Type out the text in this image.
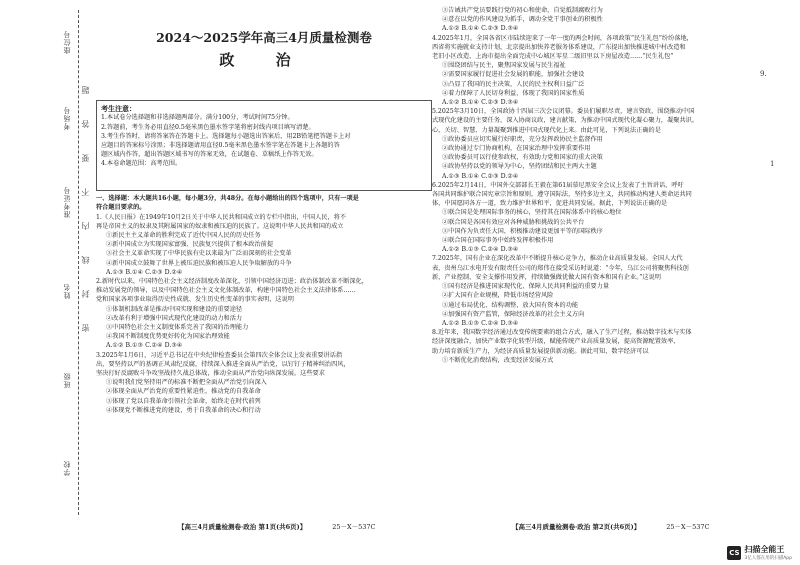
学校
班级
姓名
准考证号
考场号
座位号
密封线内不要答题
2024～2025学年高三4月质量检测卷
政 治

考生注意：

1.本试卷分选择题和非选择题两部分。满分100分，考试时间75分钟。

2.答题前，考生务必用直径0.5毫米黑色墨水签字笔将密封线内项目填写清楚。

3.考生作答时，请将答案答在答题卡上。选择题每小题选出答案后，用2B铅笔把答题卡上对

应题目的答案标号涂黑；非选择题请用直径0.5毫米黑色墨水签字笔在答题卡上各题的答

题区域内作答，超出答题区域书写的答案无效，在试题卷、草稿纸上作答无效。

4.本卷命题范围：高考范围。

一、选择题：本大题共16小题，每小题3分，共48分。在每小题给出的四个选项中，只有一项是

符合题目要求的。

1.《人民日报》在1949年10月2日关于中华人民共和国成立的专栏中指出，中国人民，将不

再是帝国主义的奴隶及其附属国家的奴隶和被压迫的民族了。这说明中华人民共和国的成立

①新民主主义革命的胜利完成了近代中国人民的历史任务

②新中国成立为实现国家富强、民族复兴提供了根本政治前提

③社会主义革命实现了中华民族有史以来最为广泛而深刻的社会变革

④新中国成立鼓舞了世界上被压迫民族和被压迫人民争取解放的斗争

A.①③ B.①④ C.②③ D.②④

2.新时代以来，中国特色社会主义经济制度改革深化，引领中国经济迈进；政治体制改革不断深化，

推动发展党的领导，以及中国特色社会主义文化体制改革，构建中国特色社会主义法律体系……

党和国家各项事业取得历史性成就、发生历史性变革的事实表明，这说明

①体制机制改革是推动中国实现和建设的重要途径

②改革有利于增强中国式现代化建设的动力和活力

③中国特色社会主义制度体系完善了我国的治理能力

④我国不断制度优势更好转化为国家治理效能

A.①② B.①③ C.②④ D.③④

3.2025年1月6日，习近平总书记在中央纪律检查委员会第四次全体会议上发表重要讲话指

出，要坚持以严的基调正风肃纪反腐，持续深入推进全面从严治党，以钉钉子精神纠治四风，

坚决打好反腐败斗争攻坚战持久战总体战，推动全面从严治党向纵深发展。这些要求

①说明我们党坚持用严的标准不断把全面从严治党引向深入

②体现全面从严治党的重要性紧迫性，推动党的自我革命

③体现了党以自我革命引领社会革命，始终走在时代前列

④体现党不断推进党的建设，勇于自我革命的决心和行动

③告诫共产党员要践行党的初心和使命，自觉抵制腐败行为

④意在以党的作风建设为抓手，调动全党干事创业的积极性

A.①② B.①④ C.②③ D.③④

4.2025年1月，全国各省区市陆续迎来了一年一度的两会时间，各项政策“民生礼包”纷纷落地，

西省将实施就业支持计划，北京提出加快养老服务体系建设，广东提出加快推进城中村改造和

老旧小区改造，上海市提出全面完成中心城区零星二级旧里以下房屋改造……“民生礼包”

①围绕团结与民主，聚焦国家发展与民生福祉

②需要国家履行促进社会发展的职能，加强社会建设

③凸显了我国的民主决策，人民的民主权利日益广泛

④着力保障了人民切身利益，体现了我国的国家性质

A.①② B.①④ C.②③ D.③④

5.2025年3月10日，全国政协十四届三次会议闭幕。委员们履职尽责，建言资政，围绕推动中国

式现代化建设的主要任务，深入协商议政，建言献策，为推动中国式现代化凝心聚力，凝聚共识。

心，关切、智慧、力量凝聚到推进中国式现代化上来。由此可见，下列说法正确的是

①政协委员应切实履行好职责，充分发挥政协民主监督作用

②政协通过专门协商机构，在国家治理中发挥重要作用

③政协委员可以行使参政权，有效助力党和国家的重大决策

④政协坚持以党的领导为中心，坚持团结和民主两大主题

A.①③ B.①④ C.②③ D.②④

6.2025年2月14日，中国外交部部长王毅在第61届慕尼黑安全会议上发表了主旨讲话，呼吁

各国共同维护联合国宪章宗旨和原则，遵守国际法，坚持多边主义，共同推动构建人类命运共同

体，中国愿同各方一道，致力维护世界和平，促进共同发展。据此，下列说法正确的是

①联合国是处理国际事务的核心，坚持其在国际体系中的核心地位

②联合国是各国有效应对各种威胁和挑战的公共平台

③中国作为负责任大国，积极推动建设更加平等的国际秩序

④联合国在国际事务中始终发挥积极作用

A.①② B.①③ C.②④ D.③④

7.2025年，国有企业在深化改革中不断提升核心竞争力，推动企业高质量发展。全国人大代

表，贵州乌江水电开发有限责任公司的郑伟在接受采访时说道：“今年，乌江公司将聚焦科技创

新，产业控制，安全支撑作用发挥，持续做强做优做大国有资本和国有企业。”这说明

①国有经济是推进国家现代化、保障人民共同利益的重要力量

②扩大国有企业规模，降低市场经营风险

③通过布局优化、结构调整，放大国有资本的功能

④加强国有资产监管，保障经济改革的社会主义方向

A.①② B.①③ C.②④ D.③④

8.近年来，我国数字经济通过改变传统要素的组合方式，融入了生产过程，推动数字技术与实体

经济深度融合，加快产业数字化转型升级，赋能传统产业高质量发展，提高资源配置效率，

助力培育新质生产力，为经济高质量发展提供新动能。据此可知，数字经济可以

①不断优化消费结构，改变经济发展方式

【高三4月质量检测卷·政治 第1页(共6页)】	25－X－537C	【高三4月质量检测卷·政治 第2页(共6页)】	25－X－537C
9.
1
CS 扫描全能王
3亿人都在用的扫描App
